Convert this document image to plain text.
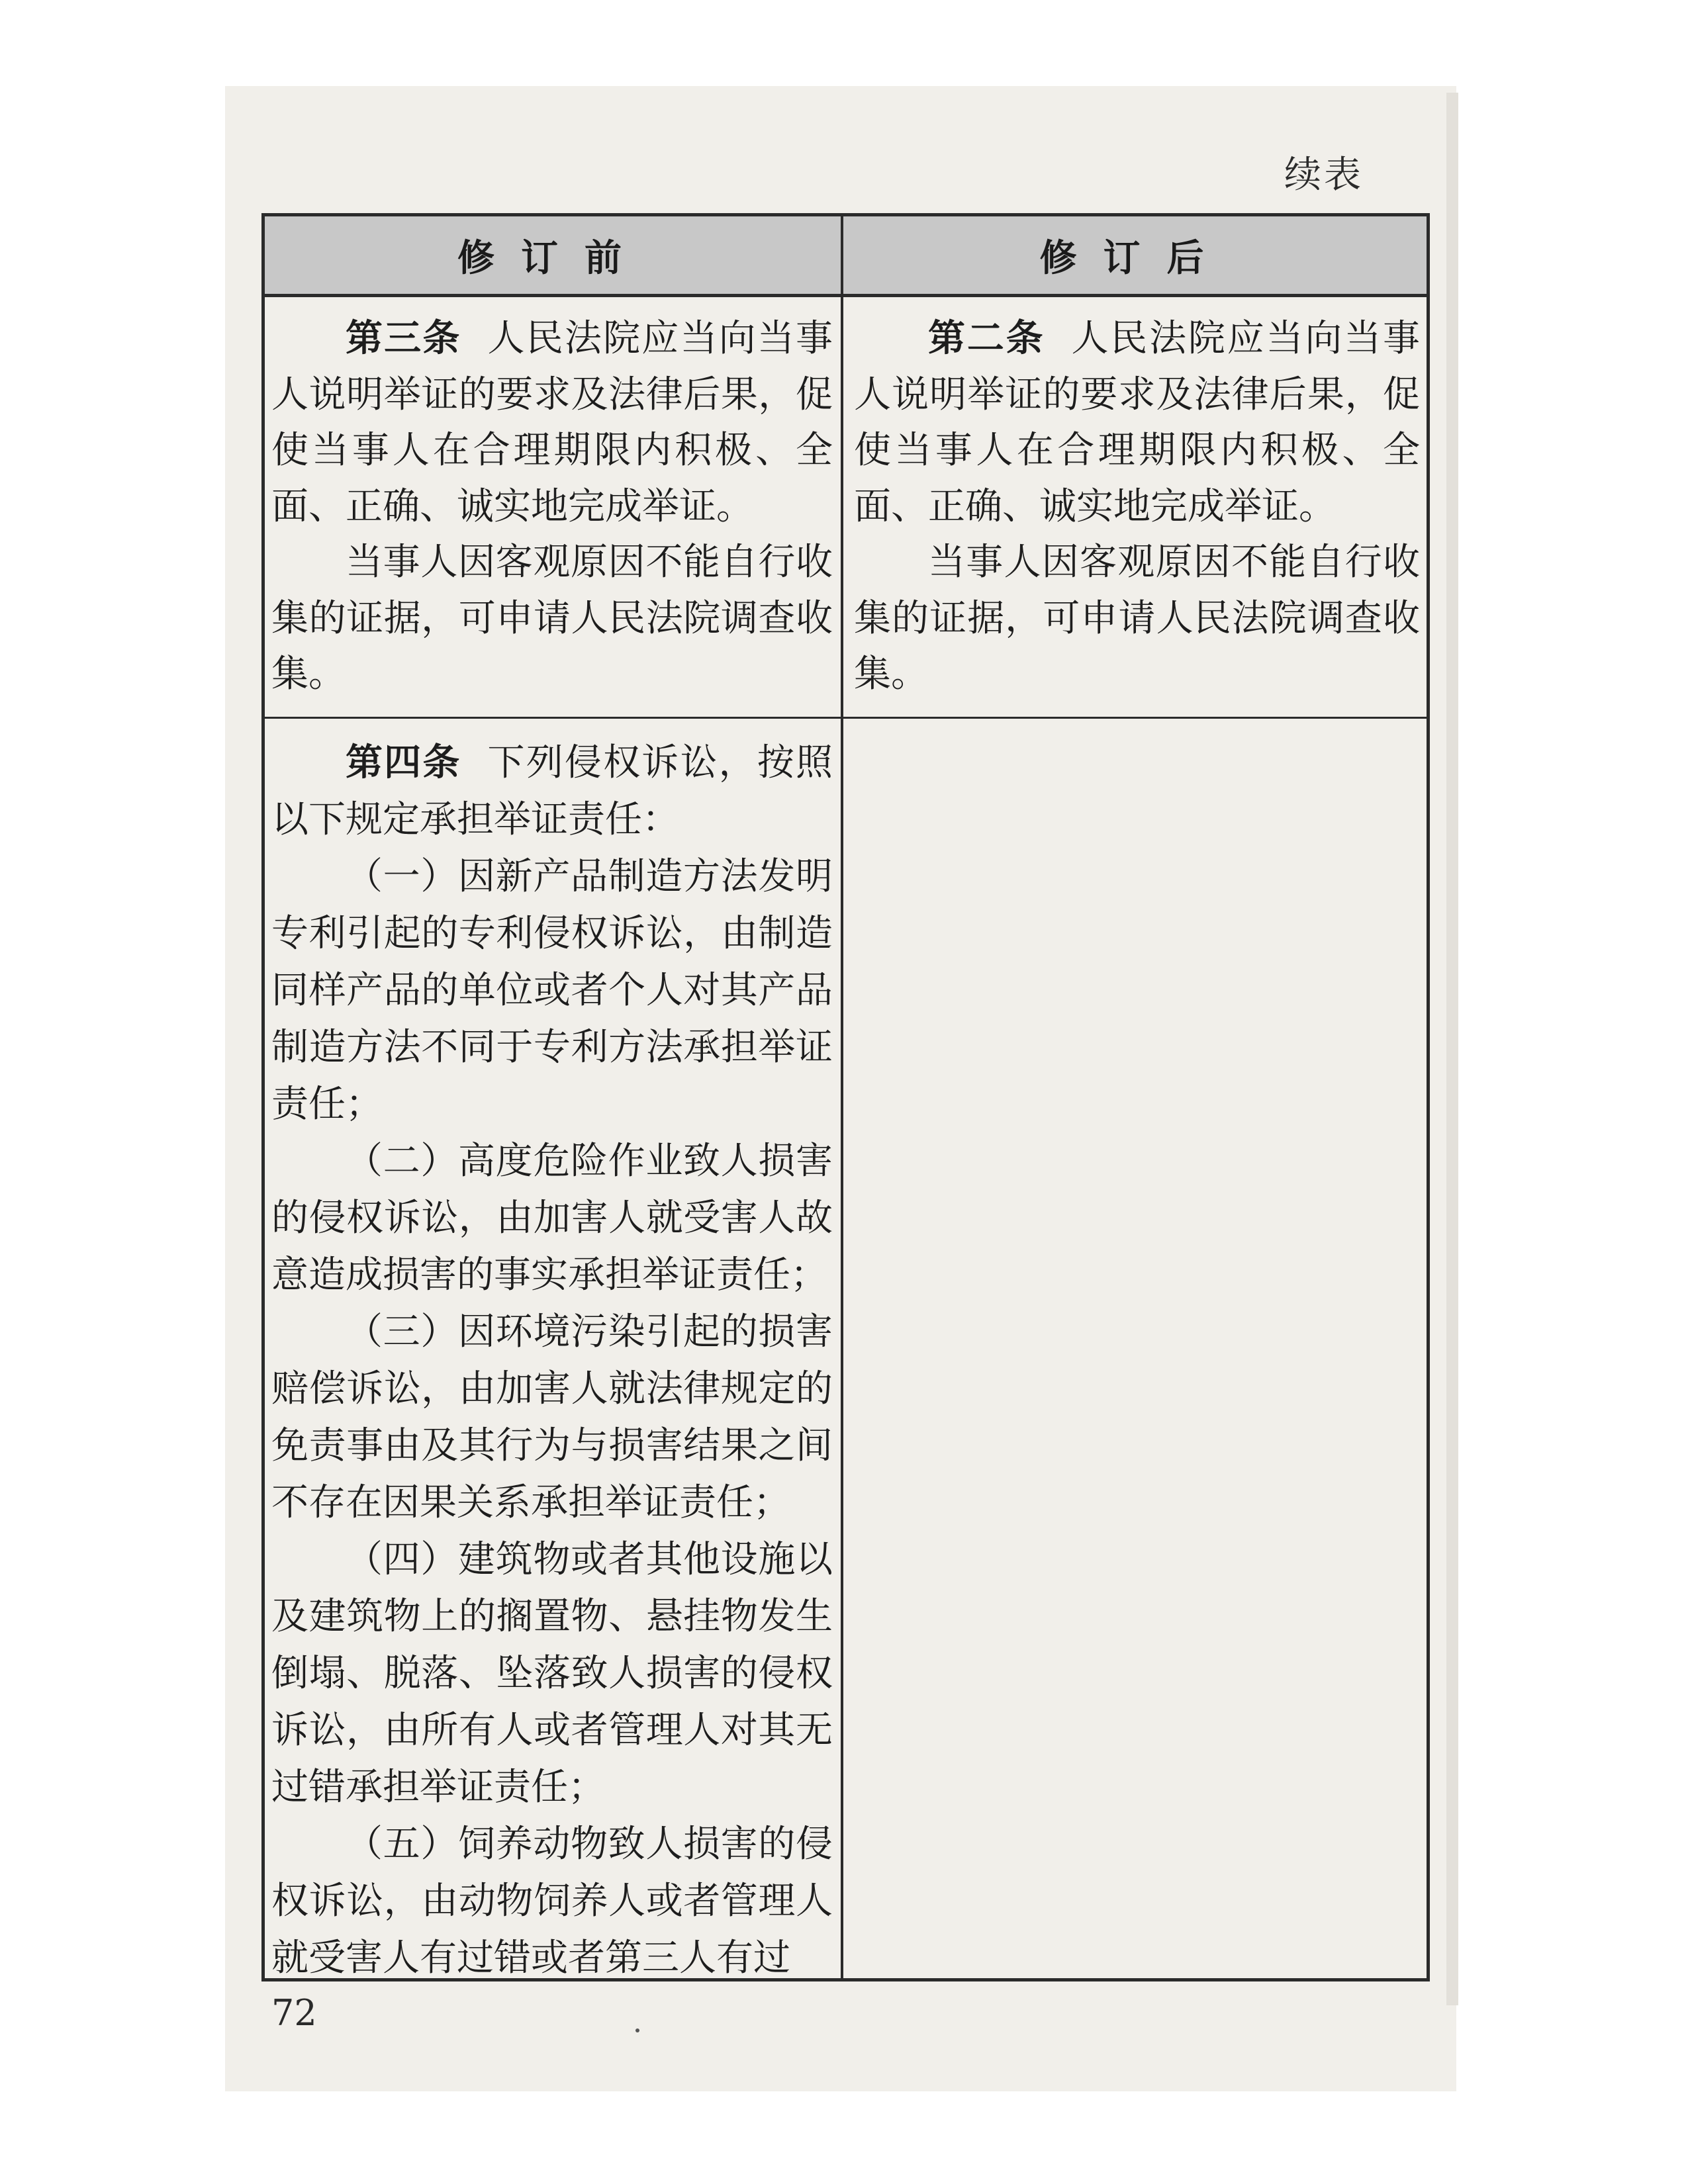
续表
修订前	修订后

第三条 人民法院应当向当事人说明举证的要求及法律后果，促使当事人在合理期限内积极、全面、正确、诚实地完成举证。

当事人因客观原因不能自行收集的证据，可申请人民法院调查收集。

第二条 人民法院应当向当事人说明举证的要求及法律后果，促使当事人在合理期限内积极、全面、正确、诚实地完成举证。

当事人因客观原因不能自行收集的证据，可申请人民法院调查收集。

第四条 下列侵权诉讼，按照以下规定承担举证责任：

（一）因新产品制造方法发明专利引起的专利侵权诉讼，由制造同样产品的单位或者个人对其产品制造方法不同于专利方法承担举证责任；

（二）高度危险作业致人损害的侵权诉讼，由加害人就受害人故意造成损害的事实承担举证责任；

（三）因环境污染引起的损害赔偿诉讼，由加害人就法律规定的免责事由及其行为与损害结果之间不存在因果关系承担举证责任；

（四）建筑物或者其他设施以及建筑物上的搁置物、悬挂物发生倒塌、脱落、坠落致人损害的侵权诉讼，由所有人或者管理人对其无过错承担举证责任；

（五）饲养动物致人损害的侵权诉讼，由动物饲养人或者管理人就受害人有过错或者第三人有过

72
